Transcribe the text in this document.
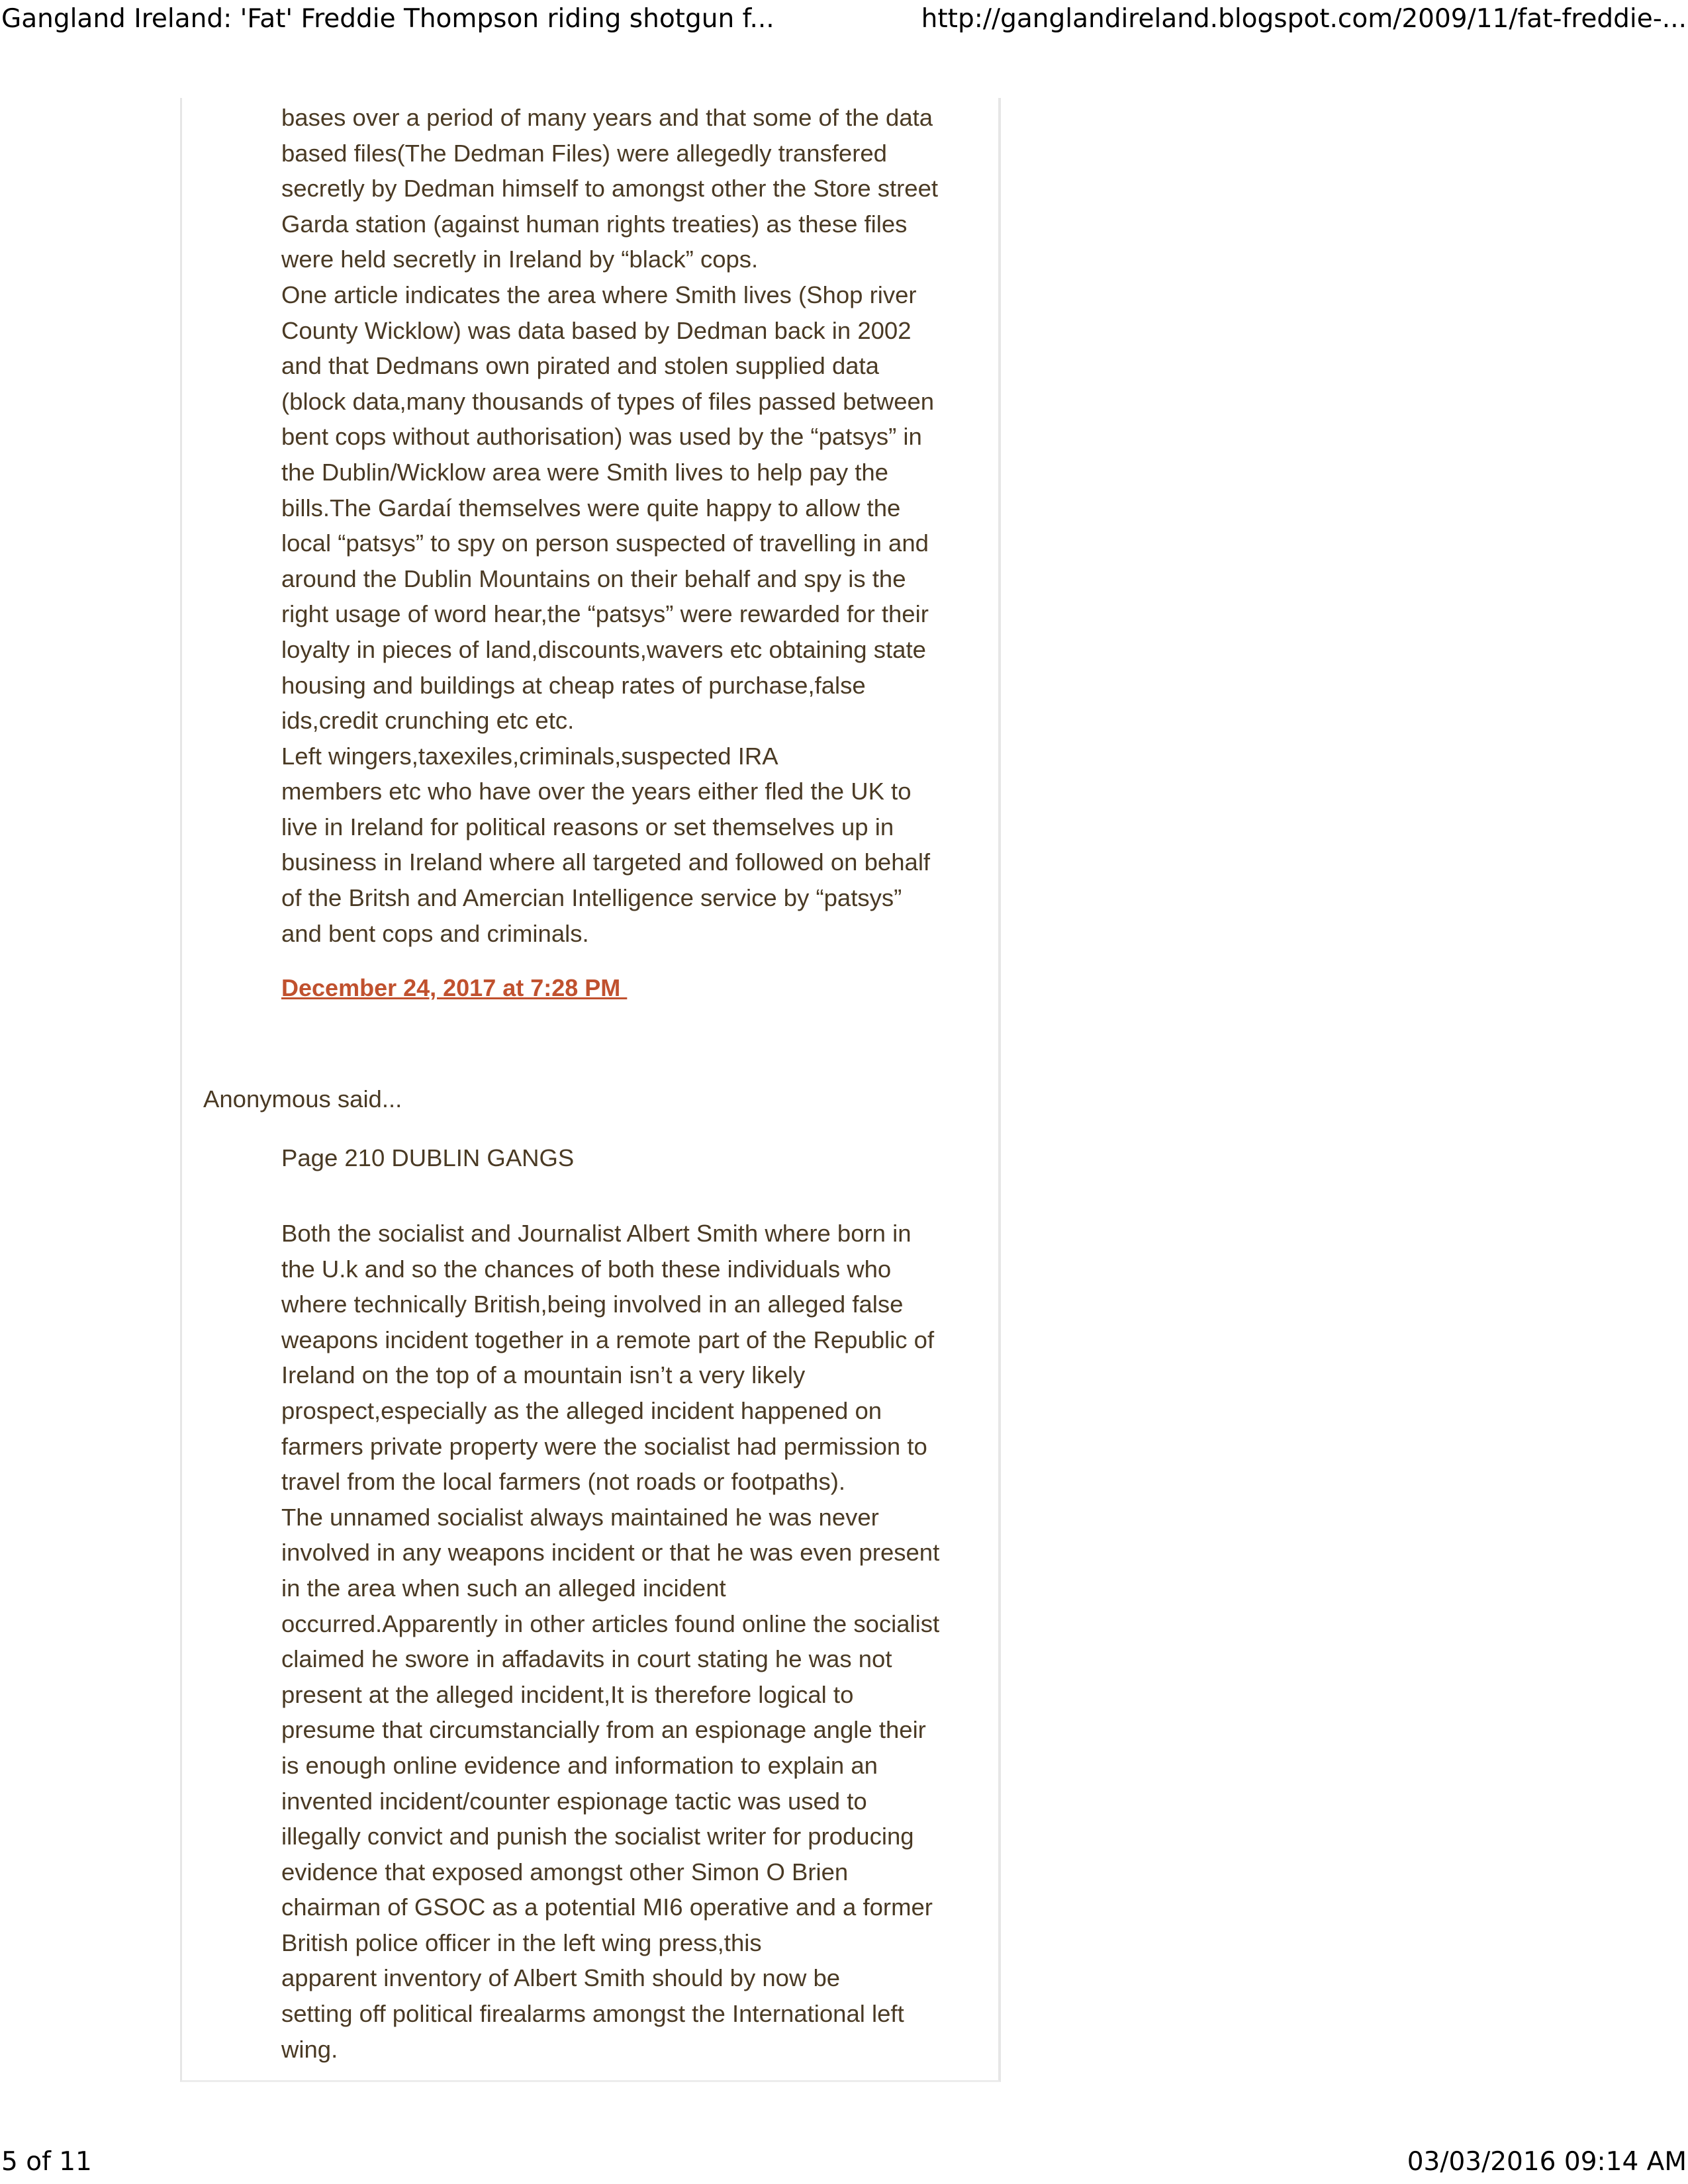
Gangland Ireland: 'Fat' Freddie Thompson riding shotgun f...	http://ganglandireland.blogspot.com/2009/11/fat-freddie-...
bases over a period of many years and that some of the data
based files(The Dedman Files) were allegedly transfered
secretly by Dedman himself to amongst other the Store street
Garda station (against human rights treaties) as these files
were held secretly in Ireland by “black” cops.
One article indicates the area where Smith lives (Shop river
County Wicklow) was data based by Dedman back in 2002
and that Dedmans own pirated and stolen supplied data
(block data,many thousands of types of files passed between
bent cops without authorisation) was used by the “patsys” in
the Dublin/Wicklow area were Smith lives to help pay the
bills.The Gardaí themselves were quite happy to allow the
local “patsys” to spy on person suspected of travelling in and
around the Dublin Mountains on their behalf and spy is the
right usage of word hear,the “patsys” were rewarded for their
loyalty in pieces of land,discounts,wavers etc obtaining state
housing and buildings at cheap rates of purchase,false
ids,credit crunching etc etc.
Left wingers,taxexiles,criminals,suspected IRA
members etc who have over the years either fled the UK to
live in Ireland for political reasons or set themselves up in
business in Ireland where all targeted and followed on behalf
of the Britsh and Amercian Intelligence service by “patsys”
and bent cops and criminals.
December 24, 2017 at 7:28 PM
Anonymous said...
Page 210 DUBLIN GANGS
Both the socialist and Journalist Albert Smith where born in
the U.k and so the chances of both these individuals who
where technically British,being involved in an alleged false
weapons incident together in a remote part of the Republic of
Ireland on the top of a mountain isn’t a very likely
prospect,especially as the alleged incident happened on
farmers private property were the socialist had permission to
travel from the local farmers (not roads or footpaths).
The unnamed socialist always maintained he was never
involved in any weapons incident or that he was even present
in the area when such an alleged incident
occurred.Apparently in other articles found online the socialist
claimed he swore in affadavits in court stating he was not
present at the alleged incident,It is therefore logical to
presume that circumstancially from an espionage angle their
is enough online evidence and information to explain an
invented incident/counter espionage tactic was used to
illegally convict and punish the socialist writer for producing
evidence that exposed amongst other Simon O Brien
chairman of GSOC as a potential MI6 operative and a former
British police officer in the left wing press,this
apparent inventory of Albert Smith should by now be
setting off political firealarms amongst the International left
wing.
5 of 11	03/03/2016 09:14 AM
